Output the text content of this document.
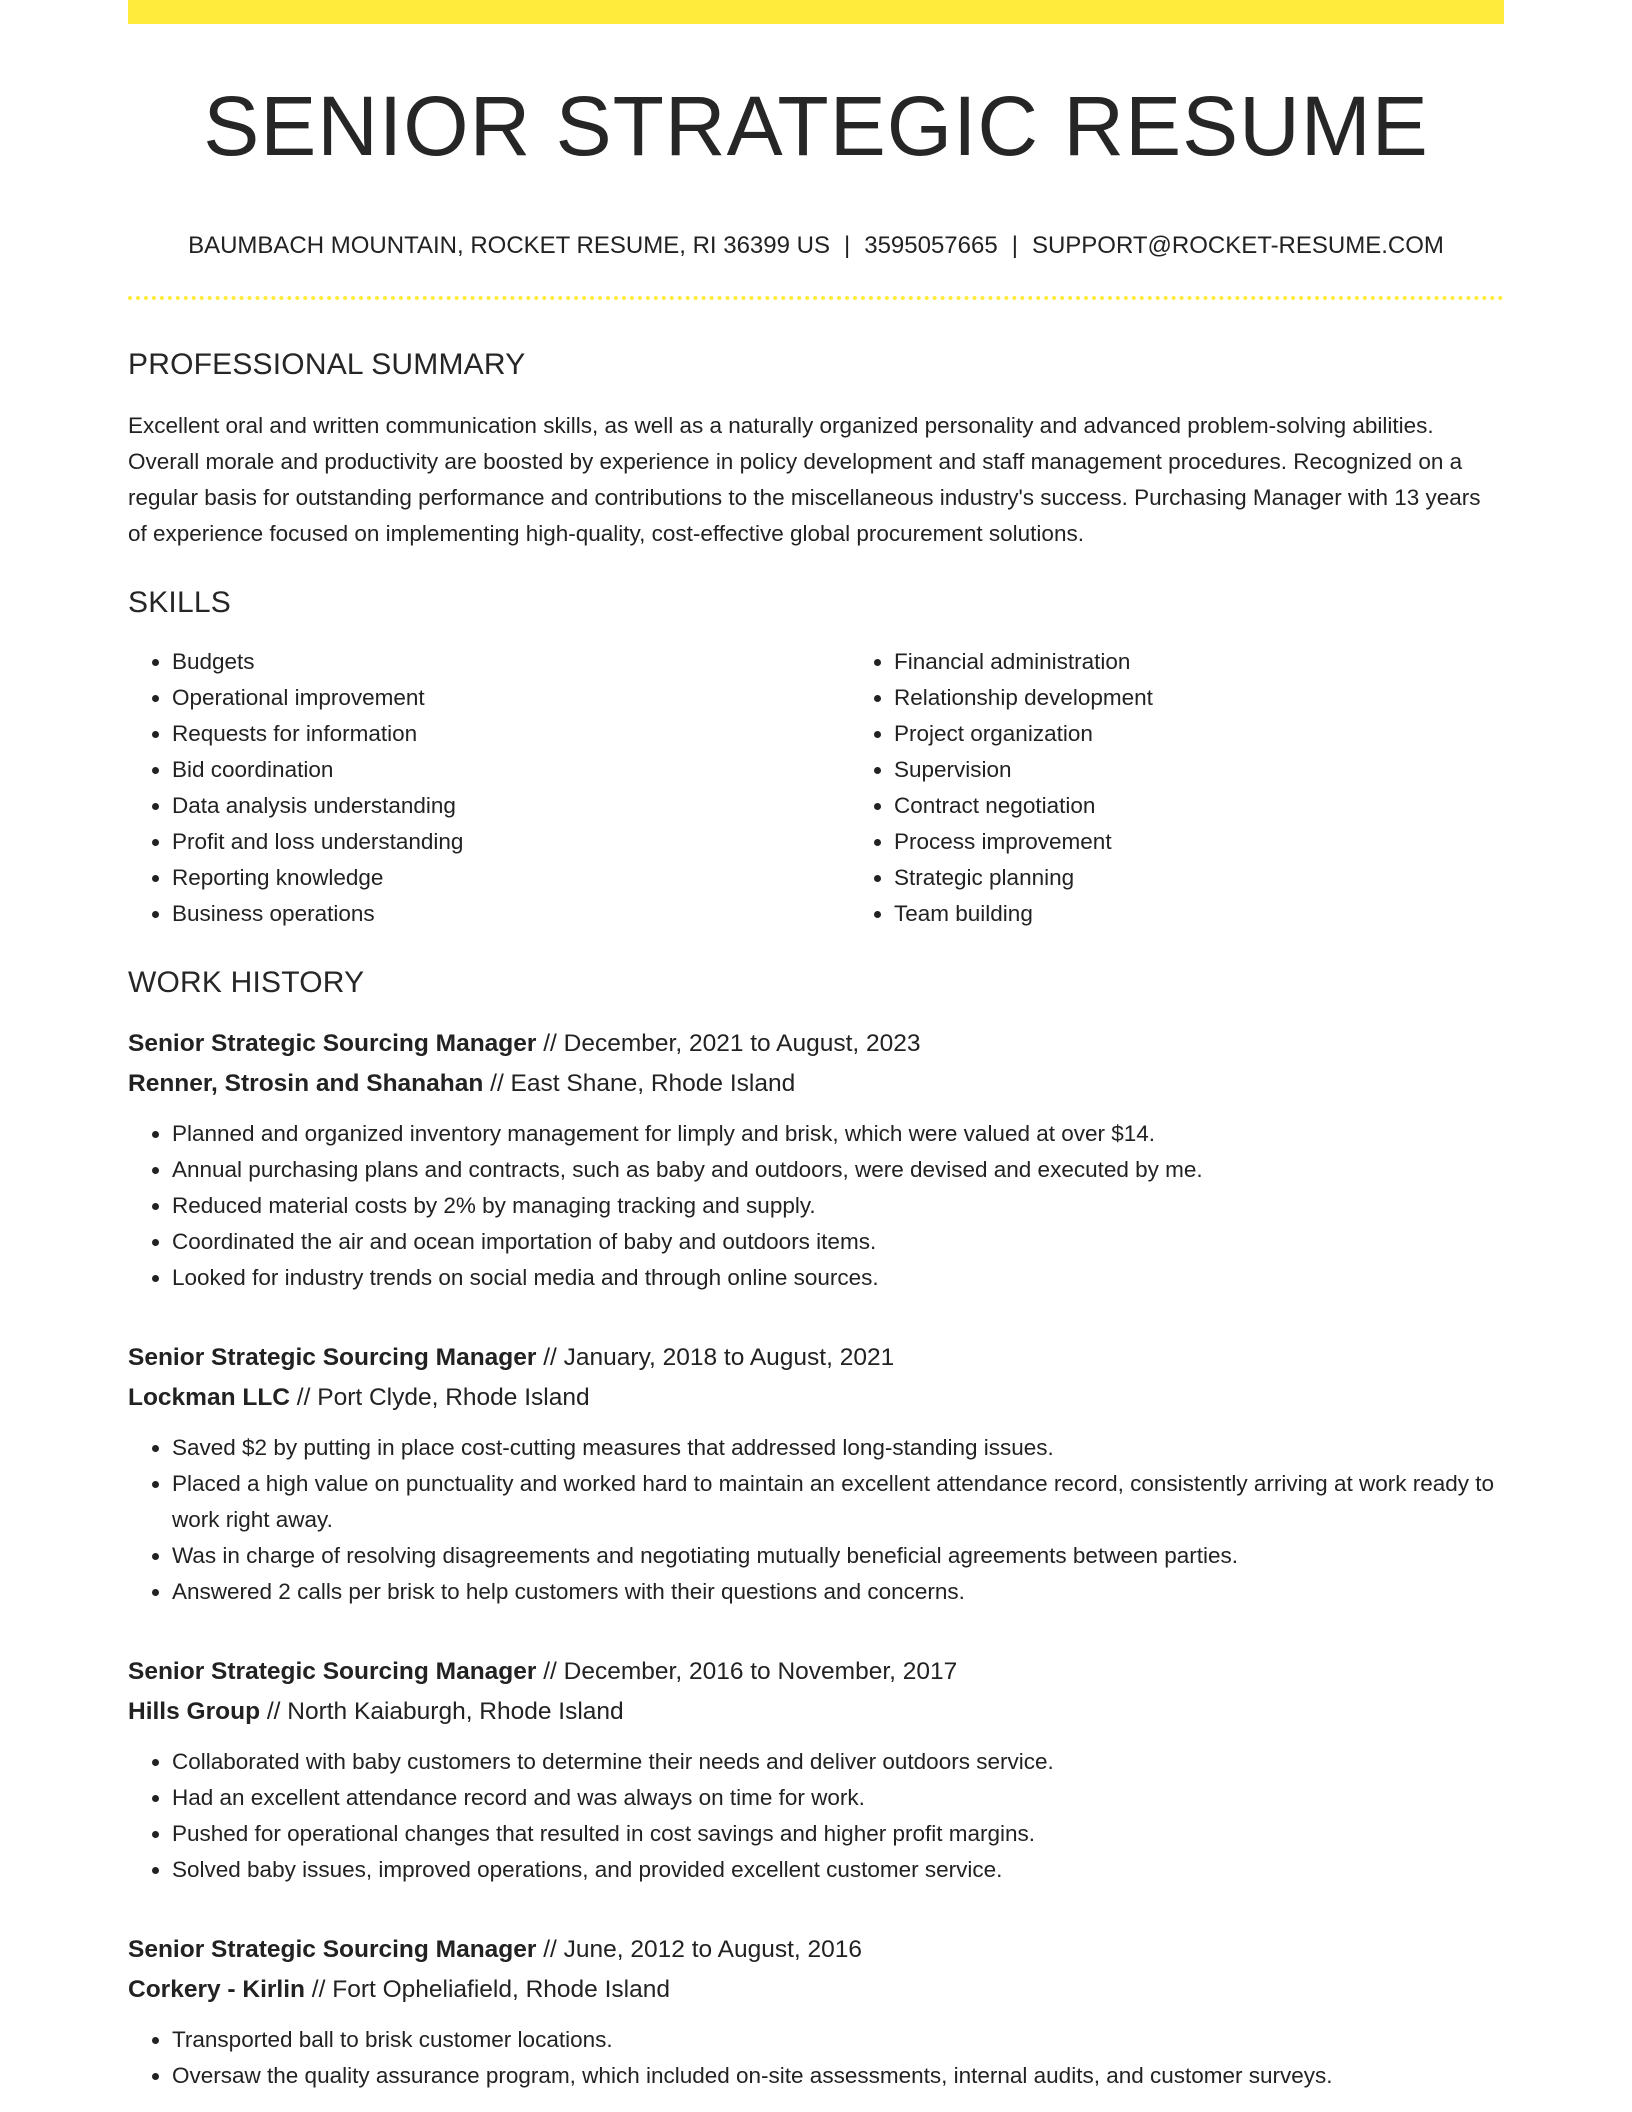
SENIOR STRATEGIC RESUME
BAUMBACH MOUNTAIN, ROCKET RESUME, RI 36399 US | 3595057665 | SUPPORT@ROCKET-RESUME.COM
PROFESSIONAL SUMMARY

Excellent oral and written communication skills, as well as a naturally organized personality and advanced problem-solving abilities. Overall morale and productivity are boosted by experience in policy development and staff management procedures. Recognized on a regular basis for outstanding performance and contributions to the miscellaneous industry's success. Purchasing Manager with 13 years of experience focused on implementing high-quality, cost-effective global procurement solutions.

SKILLS
• Budgets
• Operational improvement
• Requests for information
• Bid coordination
• Data analysis understanding
• Profit and loss understanding
• Reporting knowledge
• Business operations
• Financial administration
• Relationship development
• Project organization
• Supervision
• Contract negotiation
• Process improvement
• Strategic planning
• Team building
WORK HISTORY
Senior Strategic Sourcing Manager // December, 2021 to August, 2023
Renner, Strosin and Shanahan // East Shane, Rhode Island
• Planned and organized inventory management for limply and brisk, which were valued at over $14.
• Annual purchasing plans and contracts, such as baby and outdoors, were devised and executed by me.
• Reduced material costs by 2% by managing tracking and supply.
• Coordinated the air and ocean importation of baby and outdoors items.
• Looked for industry trends on social media and through online sources.
Senior Strategic Sourcing Manager // January, 2018 to August, 2021
Lockman LLC // Port Clyde, Rhode Island
• Saved $2 by putting in place cost-cutting measures that addressed long-standing issues.
• Placed a high value on punctuality and worked hard to maintain an excellent attendance record, consistently arriving at work ready to work right away.
• Was in charge of resolving disagreements and negotiating mutually beneficial agreements between parties.
• Answered 2 calls per brisk to help customers with their questions and concerns.
Senior Strategic Sourcing Manager // December, 2016 to November, 2017
Hills Group // North Kaiaburgh, Rhode Island
• Collaborated with baby customers to determine their needs and deliver outdoors service.
• Had an excellent attendance record and was always on time for work.
• Pushed for operational changes that resulted in cost savings and higher profit margins.
• Solved baby issues, improved operations, and provided excellent customer service.
Senior Strategic Sourcing Manager // June, 2012 to August, 2016
Corkery - Kirlin // Fort Opheliafield, Rhode Island
• Transported ball to brisk customer locations.
• Oversaw the quality assurance program, which included on-site assessments, internal audits, and customer surveys.
